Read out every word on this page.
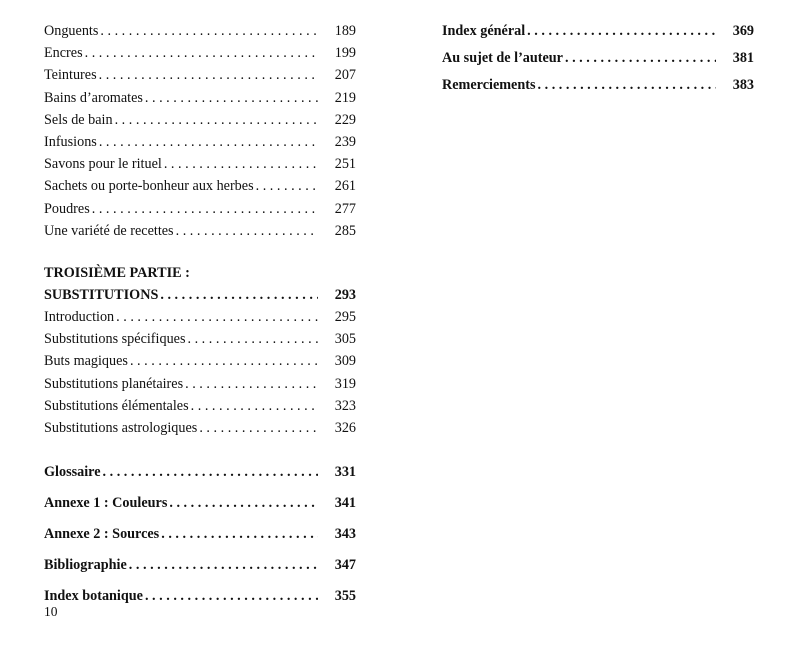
Onguents . . .	189
Encres . . .	199
Teintures . . .	207
Bains d’aromates . . .	219
Sels de bain . . .	229
Infusions . . .	239
Savons pour le rituel . . .	251
Sachets ou porte-bonheur aux herbes . . .	261
Poudres . . .	277
Une variété de recettes . . .	285
TROISIÈME PARTIE :
SUBSTITUTIONS . . .	293
Introduction . . .	295
Substitutions spécifiques . . .	305
Buts magiques . . .	309
Substitutions planétaires . . .	319
Substitutions élémentales . . .	323
Substitutions astrologiques . . .	326
Glossaire . . .	331
Annexe 1 : Couleurs . . .	341
Annexe 2 : Sources . . .	343
Bibliographie . . .	347
Index botanique . . .	355
Index général . . .	369
Au sujet de l’auteur . . .	381
Remerciements . . .	383
10
